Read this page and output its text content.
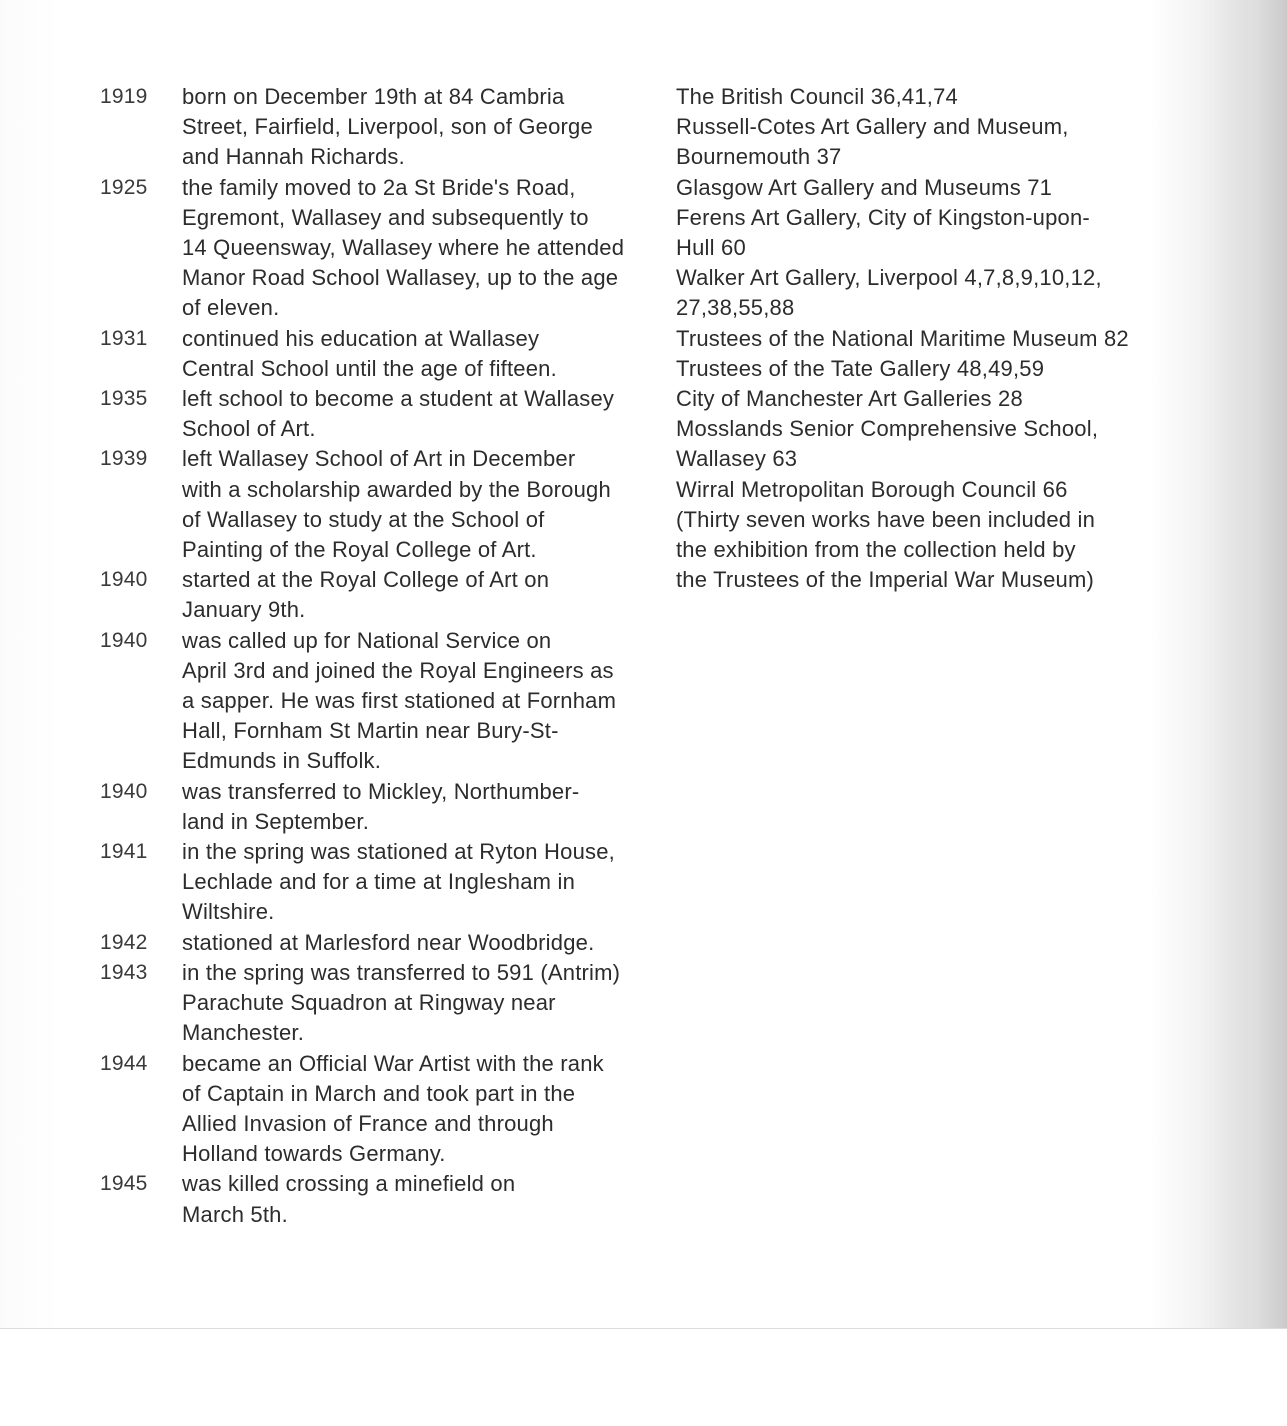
1919	born on December 19th at 84 Cambria
Street, Fairfield, Liverpool, son of George
and Hannah Richards.
1925	the family moved to 2a St Bride's Road,
Egremont, Wallasey and subsequently to
14 Queensway, Wallasey where he attended
Manor Road School Wallasey, up to the age
of eleven.
1931	continued his education at Wallasey
Central School until the age of fifteen.
1935	left school to become a student at Wallasey
School of Art.
1939	left Wallasey School of Art in December
with a scholarship awarded by the Borough
of Wallasey to study at the School of
Painting of the Royal College of Art.
1940	started at the Royal College of Art on
January 9th.
1940	was called up for National Service on
April 3rd and joined the Royal Engineers as
a sapper. He was first stationed at Fornham
Hall, Fornham St Martin near Bury-St-
Edmunds in Suffolk.
1940	was transferred to Mickley, Northumber-
land in September.
1941	in the spring was stationed at Ryton House,
Lechlade and for a time at Inglesham in
Wiltshire.
1942	stationed at Marlesford near Woodbridge.
1943	in the spring was transferred to 591 (Antrim)
Parachute Squadron at Ringway near
Manchester.
1944	became an Official War Artist with the rank
of Captain in March and took part in the
Allied Invasion of France and through
Holland towards Germany.
1945	was killed crossing a minefield on
March 5th.
The British Council 36,41,74
Russell-Cotes Art Gallery and Museum,
Bournemouth 37
Glasgow Art Gallery and Museums 71
Ferens Art Gallery, City of Kingston-upon-
Hull 60
Walker Art Gallery, Liverpool 4,7,8,9,10,12,
27,38,55,88
Trustees of the National Maritime Museum 82
Trustees of the Tate Gallery 48,49,59
City of Manchester Art Galleries 28
Mosslands Senior Comprehensive School,
Wallasey 63
Wirral Metropolitan Borough Council 66
(Thirty seven works have been included in
the exhibition from the collection held by
the Trustees of the Imperial War Museum)
